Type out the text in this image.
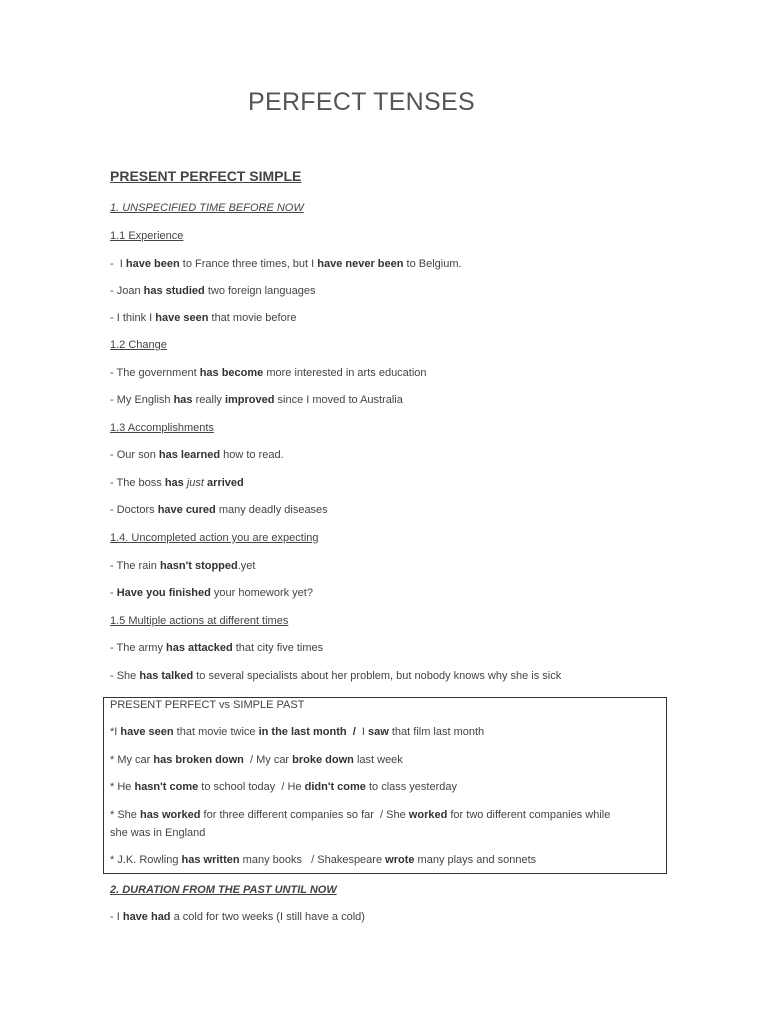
PERFECT TENSES
PRESENT PERFECT SIMPLE
1. UNSPECIFIED TIME BEFORE NOW
1.1 Experience
-  I have been to France three times, but I have never been to Belgium.
- Joan has studied two foreign languages
- I think I have seen that movie before
1.2 Change
- The government has become more interested in arts education
- My English has really improved since I moved to Australia
1.3 Accomplishments
- Our son has learned how to read.
- The boss has just arrived
- Doctors have cured many deadly diseases
1.4. Uncompleted action you are expecting
- The rain hasn't stopped.yet
- Have you finished your homework yet?
1.5 Multiple actions at different times
- The army has attacked that city five times
- She has talked to several specialists about her problem, but nobody knows why she is sick
PRESENT PERFECT vs SIMPLE PAST
*I have seen that movie twice in the last month  /  I saw that film last month
* My car has broken down  / My car broke down last week
* He hasn't come to school today  / He didn't come to class yesterday
* She has worked for three different companies so far  / She worked for two different companies while
she was in England
* J.K. Rowling has written many books   / Shakespeare wrote many plays and sonnets
2. DURATION FROM THE PAST UNTIL NOW
- I have had a cold for two weeks (I still have a cold)
